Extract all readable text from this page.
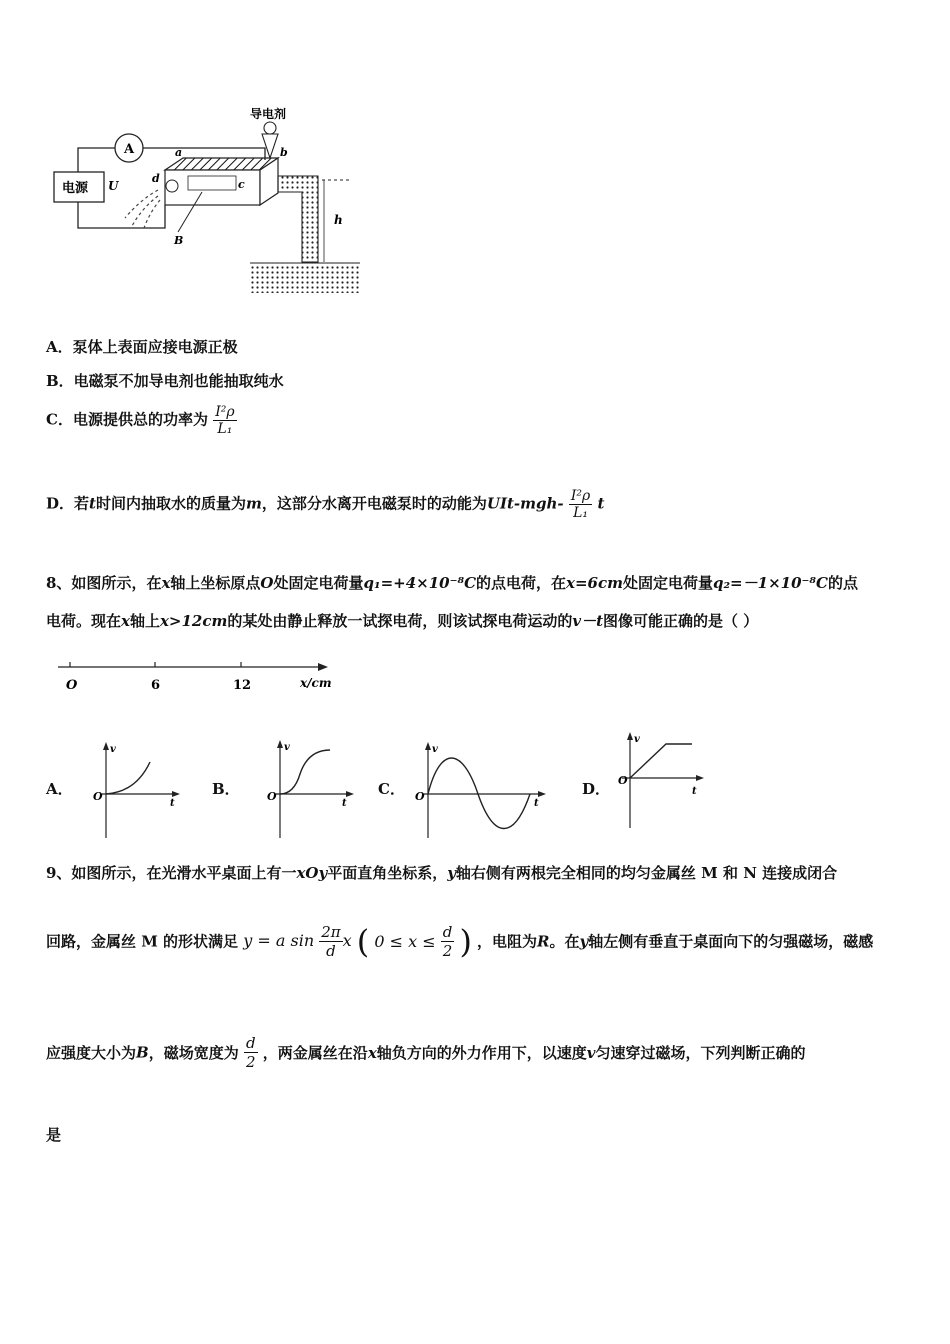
A
电源 U
a
c
d
B
导电剂
b
h
A．泵体上表面应接电源正极
B．电磁泵不加导电剂也能抽取纯水
C．电源提供总的功率为 $\frac{\text{I²ρ}}{\text{L₁}}$
D．若t时间内抽取水的质量为m，这部分水离开电磁泵时的动能为$UIt-mgh- \frac{\text{I²ρ}}{\text{L₁}}$ t
8、如图所示，在x轴上坐标原点O处固定电荷量q₁=+4×10⁻⁸C的点电荷，在x=6cm处固定电荷量q₂=－1×10⁻⁸C的点
电荷。现在x轴上x>12cm的某处由静止释放一试探电荷，则该试探电荷运动的v－t图像可能正确的是（ ）
O	6	12	x/cm
A．	B．	C．	D．
v
O
t
v
O
t
v
O
t
v
O
t
9、如图所示，在光滑水平桌面上有一xOy平面直角坐标系，y轴右侧有两根完全相同的均匀金属丝 M 和 N 连接成闭合
回路，金属丝 M 的形状满足 y = a $\sin \frac{2\pi}{d}$ x ( $0 \le x \le \frac{d}{2}$ ) ，电阻为R。在y轴左侧有垂直于桌面向下的匀强磁场，磁感
应强度大小为B，磁场宽度为 $\frac{d}{2}$ ，两金属丝在沿x轴负方向的外力作用下，以速度v匀速穿过磁场，下列判断正确的
是
